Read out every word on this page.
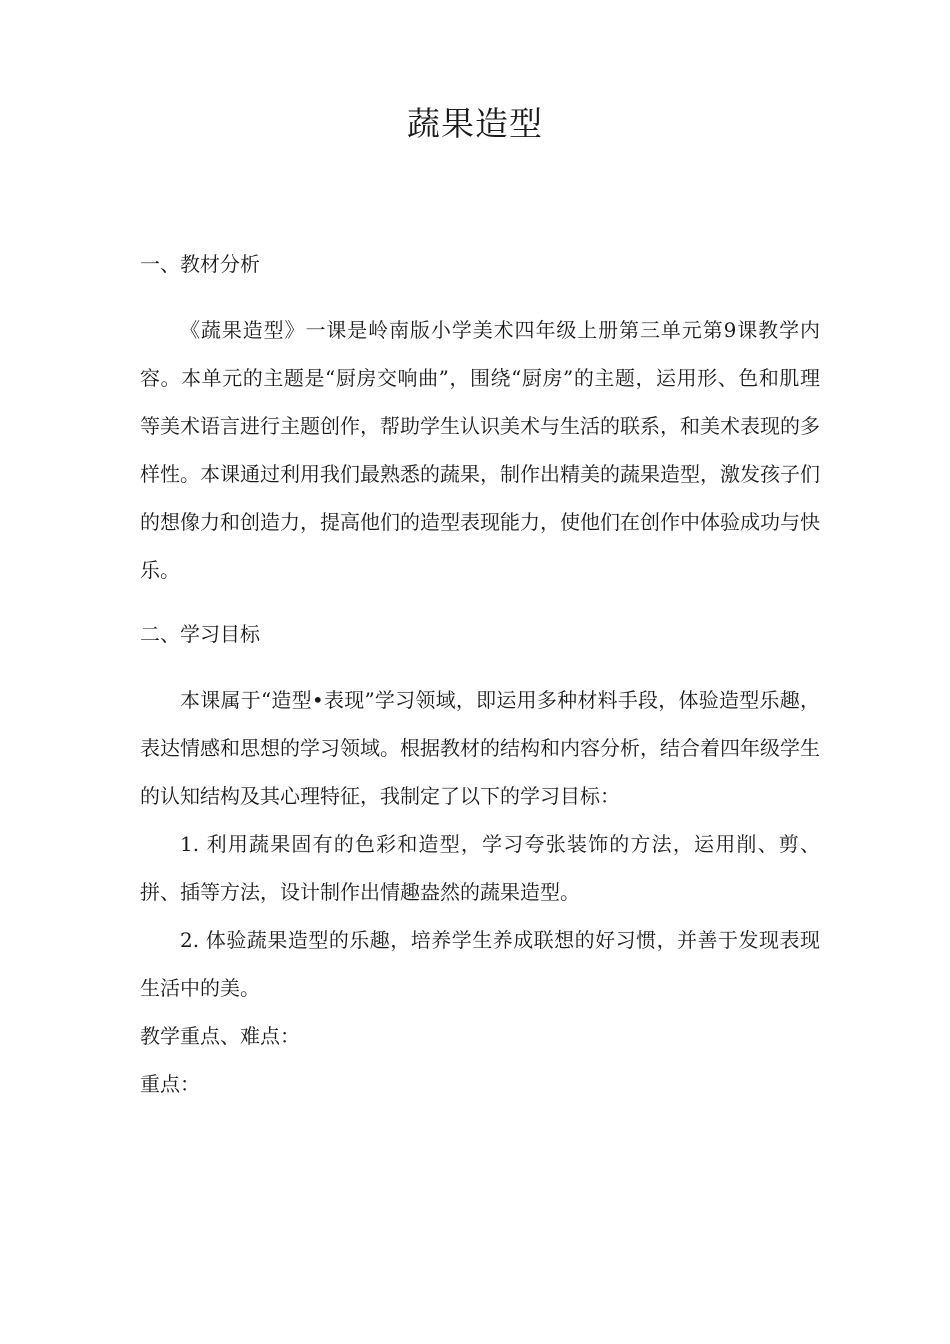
蔬果造型

一、教材分析

《蔬果造型》一课是岭南版小学美术四年级上册第三单元第9课教学内容。本单元的主题是“厨房交响曲”，围绕“厨房”的主题，运用形、色和肌理等美术语言进行主题创作，帮助学生认识美术与生活的联系，和美术表现的多样性。本课通过利用我们最熟悉的蔬果，制作出精美的蔬果造型，激发孩子们的想像力和创造力，提高他们的造型表现能力，使他们在创作中体验成功与快乐。

二、学习目标

本课属于“造型•表现”学习领域，即运用多种材料手段，体验造型乐趣，表达情感和思想的学习领域。根据教材的结构和内容分析，结合着四年级学生的认知结构及其心理特征，我制定了以下的学习目标：

1. 利用蔬果固有的色彩和造型，学习夸张装饰的方法，运用削、剪、拼、插等方法，设计制作出情趣盎然的蔬果造型。

2. 体验蔬果造型的乐趣，培养学生养成联想的好习惯，并善于发现表现生活中的美。

教学重点、难点：

重点：
